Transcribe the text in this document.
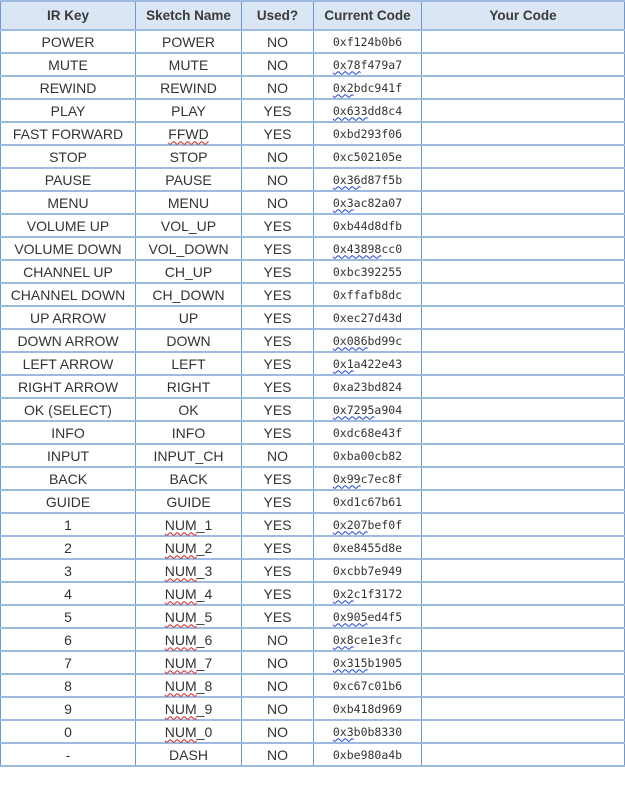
IR Key	Sketch Name	Used?	Current Code	Your Code
POWER	POWER	NO	0xf124b0b6	
MUTE	MUTE	NO	0x78f479a7	
REWIND	REWIND	NO	0x2bdc941f	
PLAY	PLAY	YES	0x633dd8c4	
FAST FORWARD	FFWD	YES	0xbd293f06	
STOP	STOP	NO	0xc502105e	
PAUSE	PAUSE	NO	0x36d87f5b	
MENU	MENU	NO	0x3ac82a07	
VOLUME UP	VOL_UP	YES	0xb44d8dfb	
VOLUME DOWN	VOL_DOWN	YES	0x43898cc0	
CHANNEL UP	CH_UP	YES	0xbc392255	
CHANNEL DOWN	CH_DOWN	YES	0xffafb8dc	
UP ARROW	UP	YES	0xec27d43d	
DOWN ARROW	DOWN	YES	0x086bd99c	
LEFT ARROW	LEFT	YES	0x1a422e43	
RIGHT ARROW	RIGHT	YES	0xa23bd824	
OK (SELECT)	OK	YES	0x7295a904	
INFO	INFO	YES	0xdc68e43f	
INPUT	INPUT_CH	NO	0xba00cb82	
BACK	BACK	YES	0x99c7ec8f	
GUIDE	GUIDE	YES	0xd1c67b61	
1	NUM_1	YES	0x207bef0f	
2	NUM_2	YES	0xe8455d8e	
3	NUM_3	YES	0xcbb7e949	
4	NUM_4	YES	0x2c1f3172	
5	NUM_5	YES	0x905ed4f5	
6	NUM_6	NO	0x8ce1e3fc	
7	NUM_7	NO	0x315b1905	
8	NUM_8	NO	0xc67c01b6	
9	NUM_9	NO	0xb418d969	
0	NUM_0	NO	0x3b0b8330	
-	DASH	NO	0xbe980a4b	
